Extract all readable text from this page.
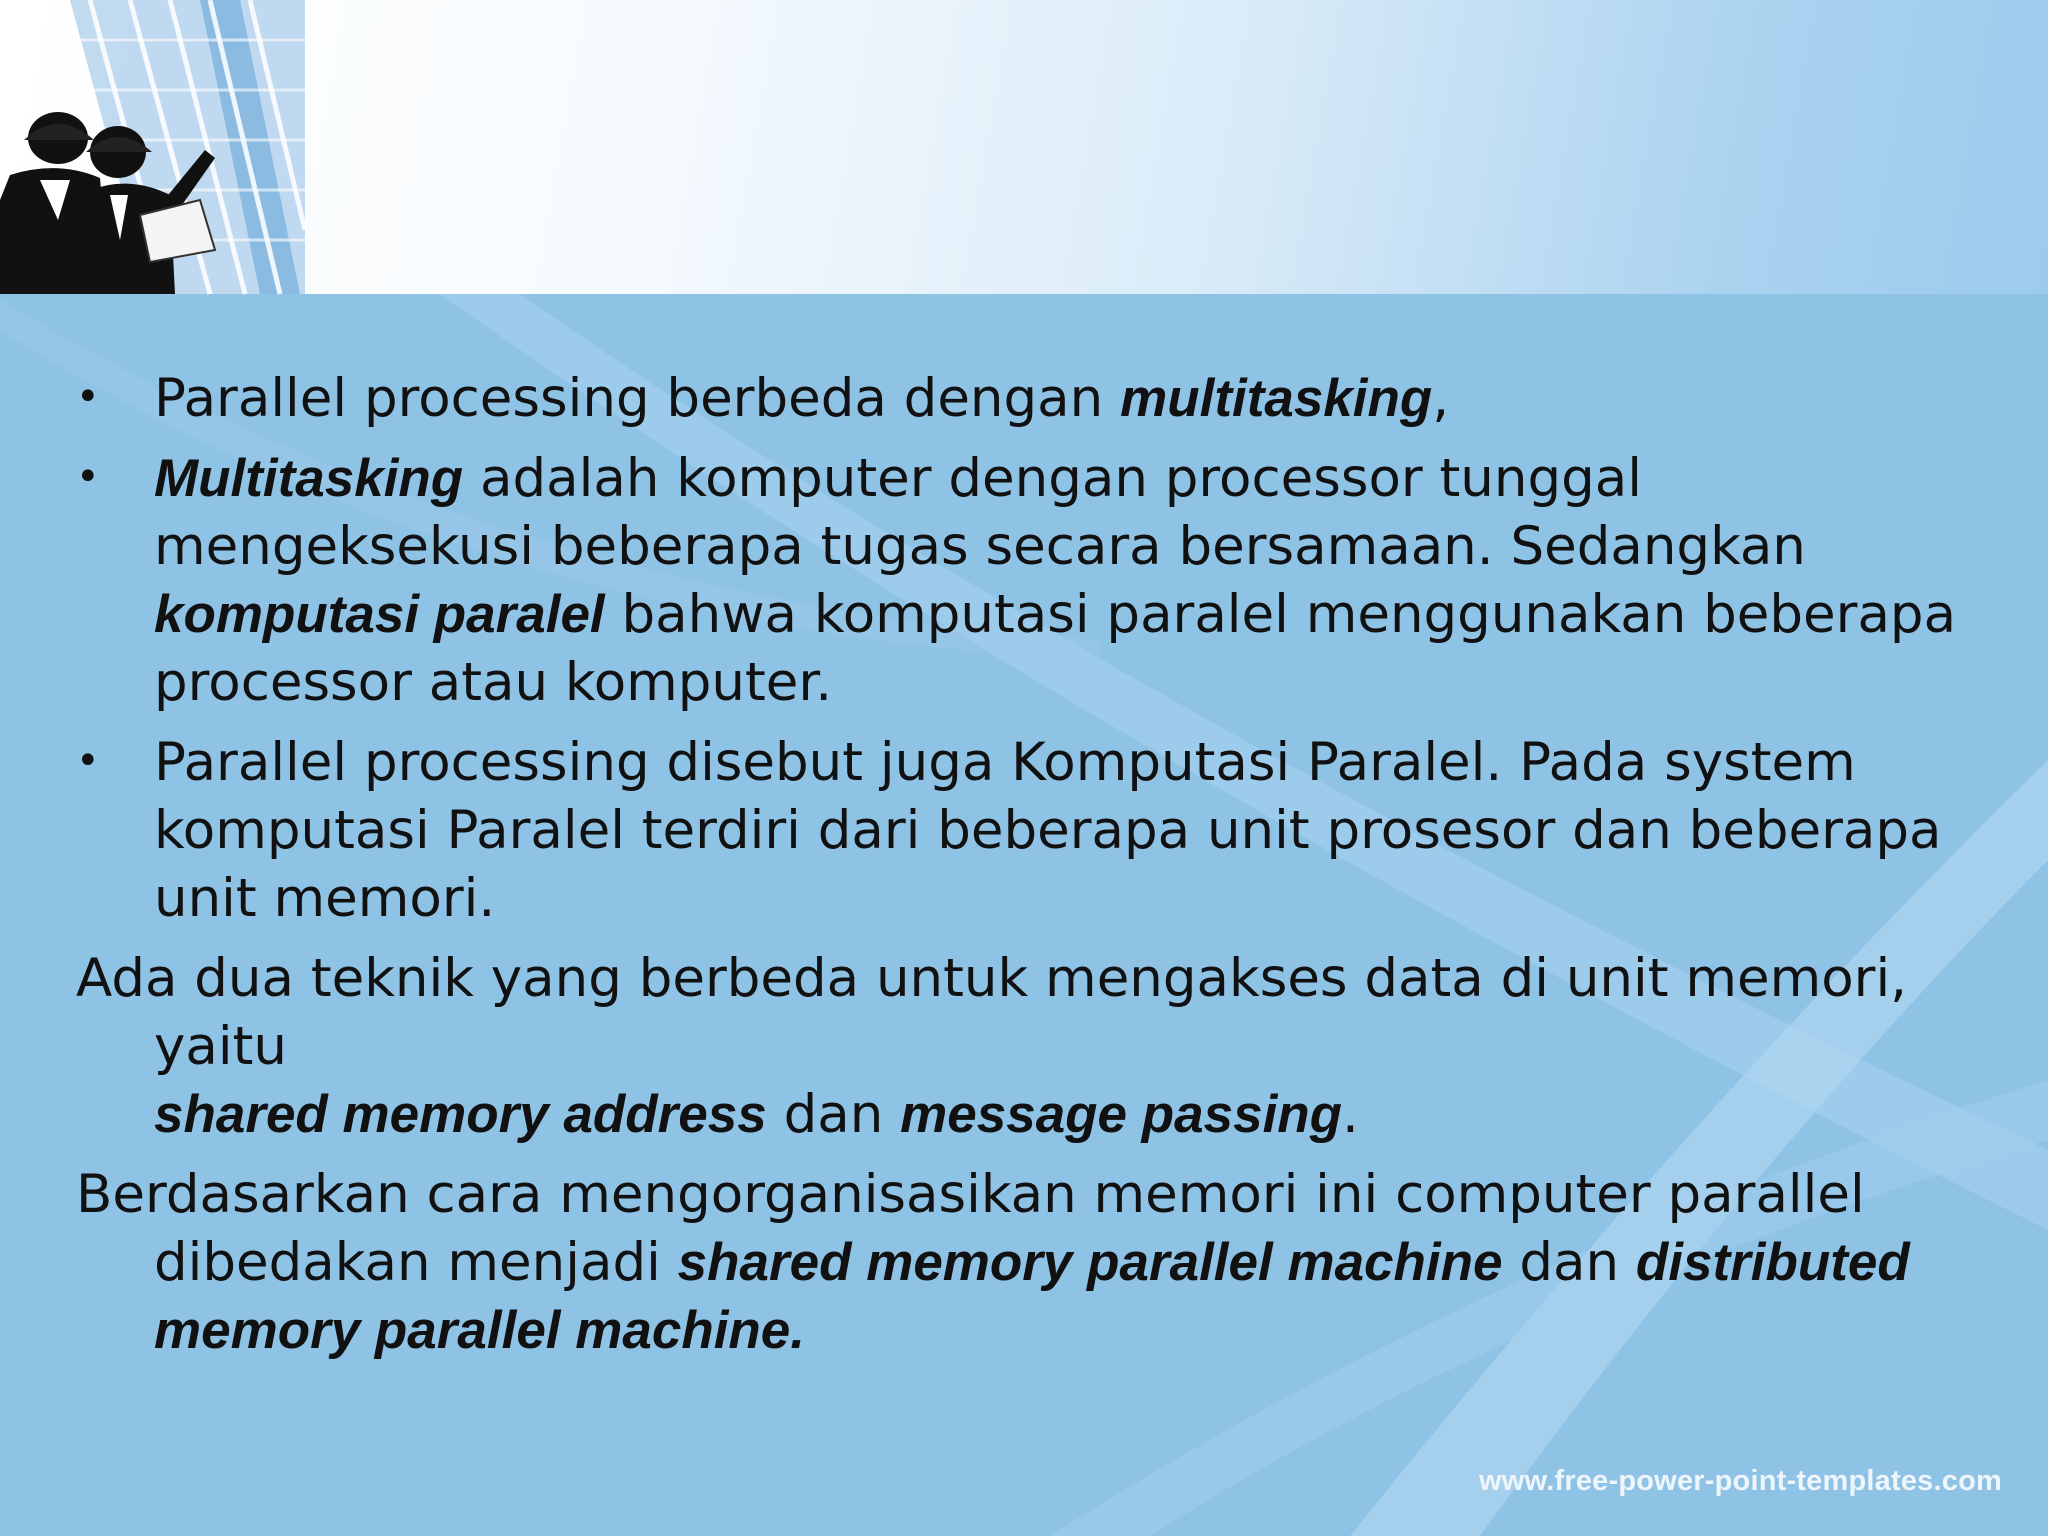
• Parallel processing berbeda dengan multitasking,
• Multitasking adalah komputer dengan processor tunggal mengeksekusi beberapa tugas secara bersamaan. Sedangkan komputasi paralel bahwa komputasi paralel menggunakan beberapa processor atau komputer.
• Parallel processing disebut juga Komputasi Paralel. Pada system komputasi Paralel terdiri dari beberapa unit prosesor dan beberapa unit memori.
Ada dua teknik yang berbeda untuk mengakses data di unit memori, yaitu
shared memory address dan message passing.
Berdasarkan cara mengorganisasikan memori ini computer parallel dibedakan menjadi shared memory parallel machine dan distributed memory parallel machine.
www.free-power-point-templates.com
